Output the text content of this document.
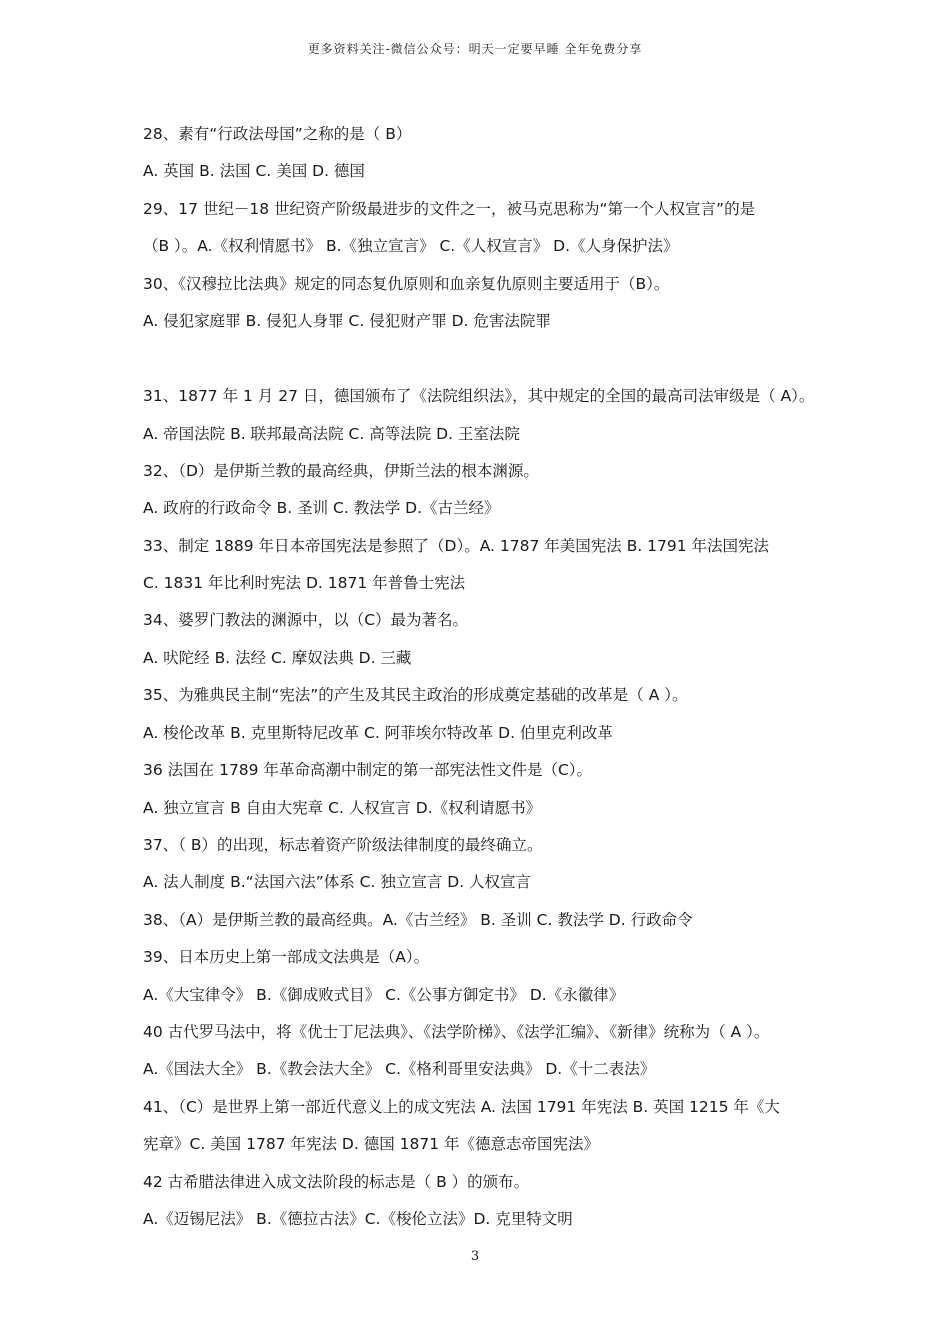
更多资料关注-微信公众号：明天一定要早睡 全年免费分享
28、素有“行政法母国”之称的是（ B）
A. 英国 B. 法国 C. 美国 D. 德国
29、17 世纪－18 世纪资产阶级最进步的文件之一，被马克思称为“第一个人权宣言”的是
（B ）。A.《权利情愿书》 B.《独立宣言》 C.《人权宣言》 D.《人身保护法》
30、《汉穆拉比法典》规定的同态复仇原则和血亲复仇原则主要适用于（B）。
A. 侵犯家庭罪 B. 侵犯人身罪 C. 侵犯财产罪 D. 危害法院罪
31、1877 年 1 月 27 日，德国颁布了《法院组织法》，其中规定的全国的最高司法审级是（ A）。
A. 帝国法院 B. 联邦最高法院 C. 高等法院 D. 王室法院
32、（D）是伊斯兰教的最高经典，伊斯兰法的根本渊源。
A. 政府的行政命令 B. 圣训 C. 教法学 D.《古兰经》
33、制定 1889 年日本帝国宪法是参照了（D）。A. 1787 年美国宪法 B. 1791 年法国宪法
C. 1831 年比利时宪法 D. 1871 年普鲁士宪法
34、婆罗门教法的渊源中，以（C）最为著名。
A. 吠陀经 B. 法经 C. 摩奴法典 D. 三藏
35、为雅典民主制“宪法”的产生及其民主政治的形成奠定基础的改革是（ A ）。
A. 梭伦改革 B. 克里斯特尼改革 C. 阿菲埃尔特改革 D. 伯里克利改革
36 法国在 1789 年革命高潮中制定的第一部宪法性文件是（C）。
A. 独立宣言 B 自由大宪章 C. 人权宣言 D.《权利请愿书》
37、（ B）的出现，标志着资产阶级法律制度的最终确立。
A. 法人制度 B.“法国六法”体系 C. 独立宣言 D. 人权宣言
38、（A）是伊斯兰教的最高经典。A.《古兰经》 B. 圣训 C. 教法学 D. 行政命令
39、日本历史上第一部成文法典是（A）。
A.《大宝律令》 B.《御成败式目》 C.《公事方御定书》 D.《永徽律》
40 古代罗马法中，将《优士丁尼法典》、《法学阶梯》、《法学汇编》、《新律》统称为（ A ）。
A.《国法大全》 B.《教会法大全》 C.《格利哥里安法典》 D.《十二表法》
41、（C）是世界上第一部近代意义上的成文宪法 A. 法国 1791 年宪法 B. 英国 1215 年《大
宪章》C. 美国 1787 年宪法 D. 德国 1871 年《德意志帝国宪法》
42 古希腊法律进入成文法阶段的标志是（ B ）的颁布。
A.《迈锡尼法》 B.《德拉古法》C.《梭伦立法》D. 克里特文明
3
